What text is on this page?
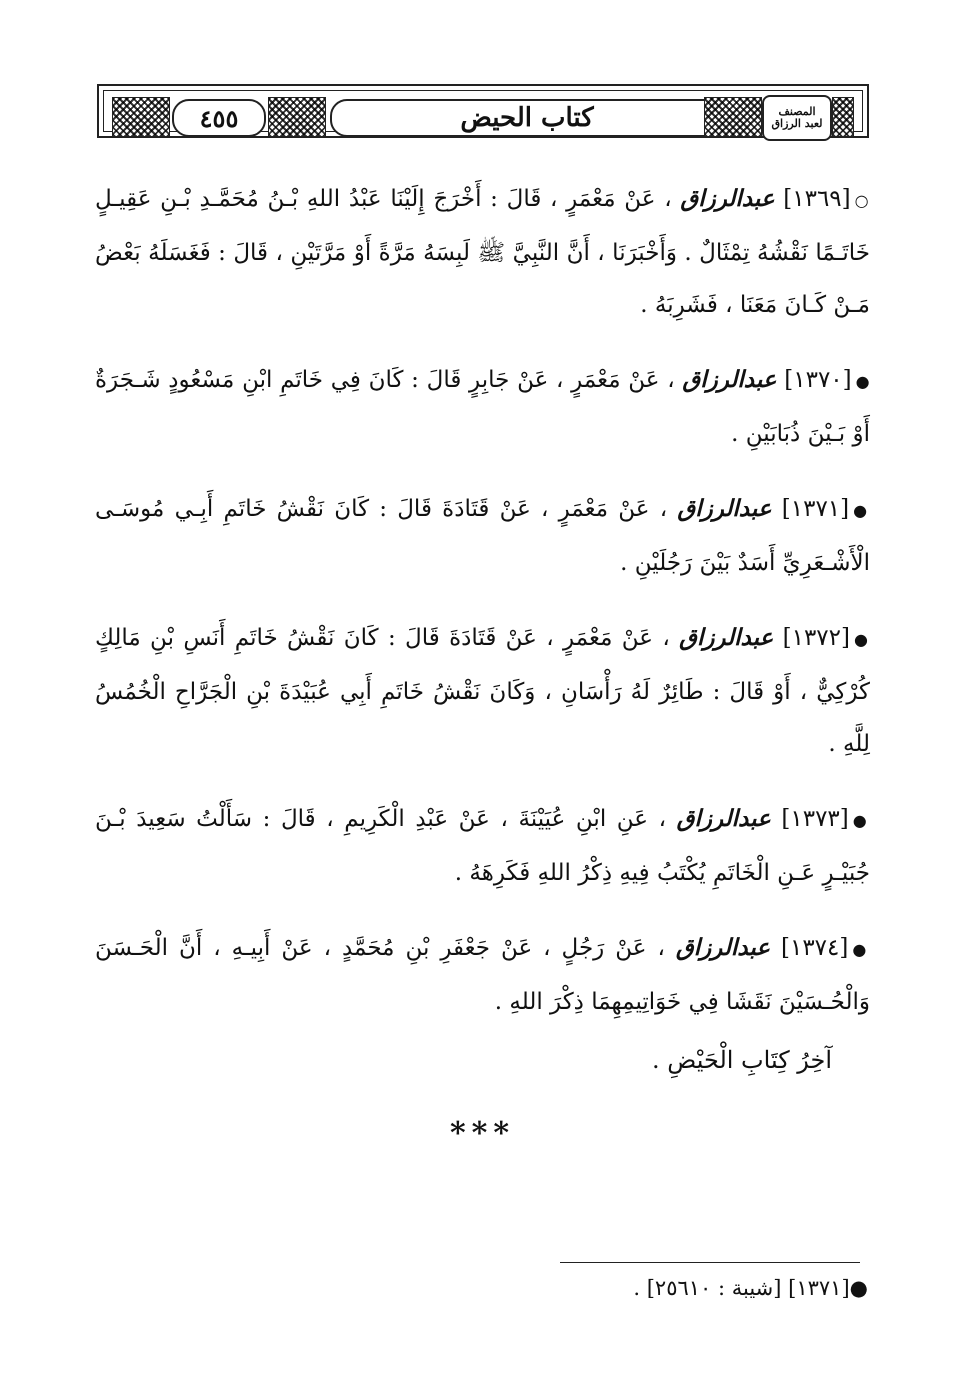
٤٥٥	كتاب الحيض	المصنف
لعبد الرزاق

○[١٣٦٩] عبدالرزاق ، عَنْ مَعْمَرٍ ، قَالَ : أَخْرَجَ إِلَيْنَا عَبْدُ اللهِ بْـنُ مُحَمَّـدِ بْـنِ عَقِيـلٍ خَاتَـمًا نَقْشُهُ تِمْثَالٌ . وَأَخْبَرَنَا ، أَنَّ النَّبِيَّ ﷺ لَبِسَهُ مَرَّةً أَوْ مَرَّتَيْنِ ، قَالَ : فَغَسَلَهُ بَعْضُ مَـنْ كَـانَ مَعَنَا ، فَشَرِبَهُ .

●[١٣٧٠] عبدالرزاق ، عَنْ مَعْمَرٍ ، عَنْ جَابِرٍ قَالَ : كَانَ فِي خَاتَمِ ابْنِ مَسْعُودٍ شَـجَرَةٌ أَوْ بَـيْنَ ذُبَابَيْنِ .

●[١٣٧١] عبدالرزاق ، عَنْ مَعْمَرٍ ، عَنْ قَتَادَةَ قَالَ : كَانَ نَقْشُ خَاتَمِ أَبِـي مُوسَـى الْأَشْـعَرِيِّ أَسَدٌ بَيْنَ رَجُلَيْنِ .

●[١٣٧٢] عبدالرزاق ، عَنْ مَعْمَرٍ ، عَنْ قَتَادَةَ قَالَ : كَانَ نَقْشُ خَاتَمِ أَنَسِ بْنِ مَالِكٍ كُرْكِيٌّ ، أَوْ قَالَ : طَائِرٌ لَهُ رَأْسَانِ ، وَكَانَ نَقْشُ خَاتَمِ أَبِي عُبَيْدَةَ بْنِ الْجَرَّاحِ الْخُمُسُ لِلَّهِ .

●[١٣٧٣] عبدالرزاق ، عَنِ ابْنِ عُيَيْنَةَ ، عَنْ عَبْدِ الْكَرِيمِ ، قَالَ : سَأَلْتُ سَعِيدَ بْـنَ جُبَيْـرٍ عَـنِ الْخَاتَمِ يُكْتَبُ فِيهِ ذِكْرُ اللهِ فَكَرِهَهُ .

●[١٣٧٤] عبدالرزاق ، عَنْ رَجُلٍ ، عَنْ جَعْفَرِ بْنِ مُحَمَّدٍ ، عَنْ أَبِيـهِ ، أَنَّ الْحَـسَنَ وَالْحُـسَيْنَ نَقَشَا فِي خَوَاتِيمِهِمَا ذِكْرَ اللهِ .

آخِرُ كِتَابِ الْحَيْضِ .
***
●[١٣٧١] [شيبة : ٢٥٦١٠] .
